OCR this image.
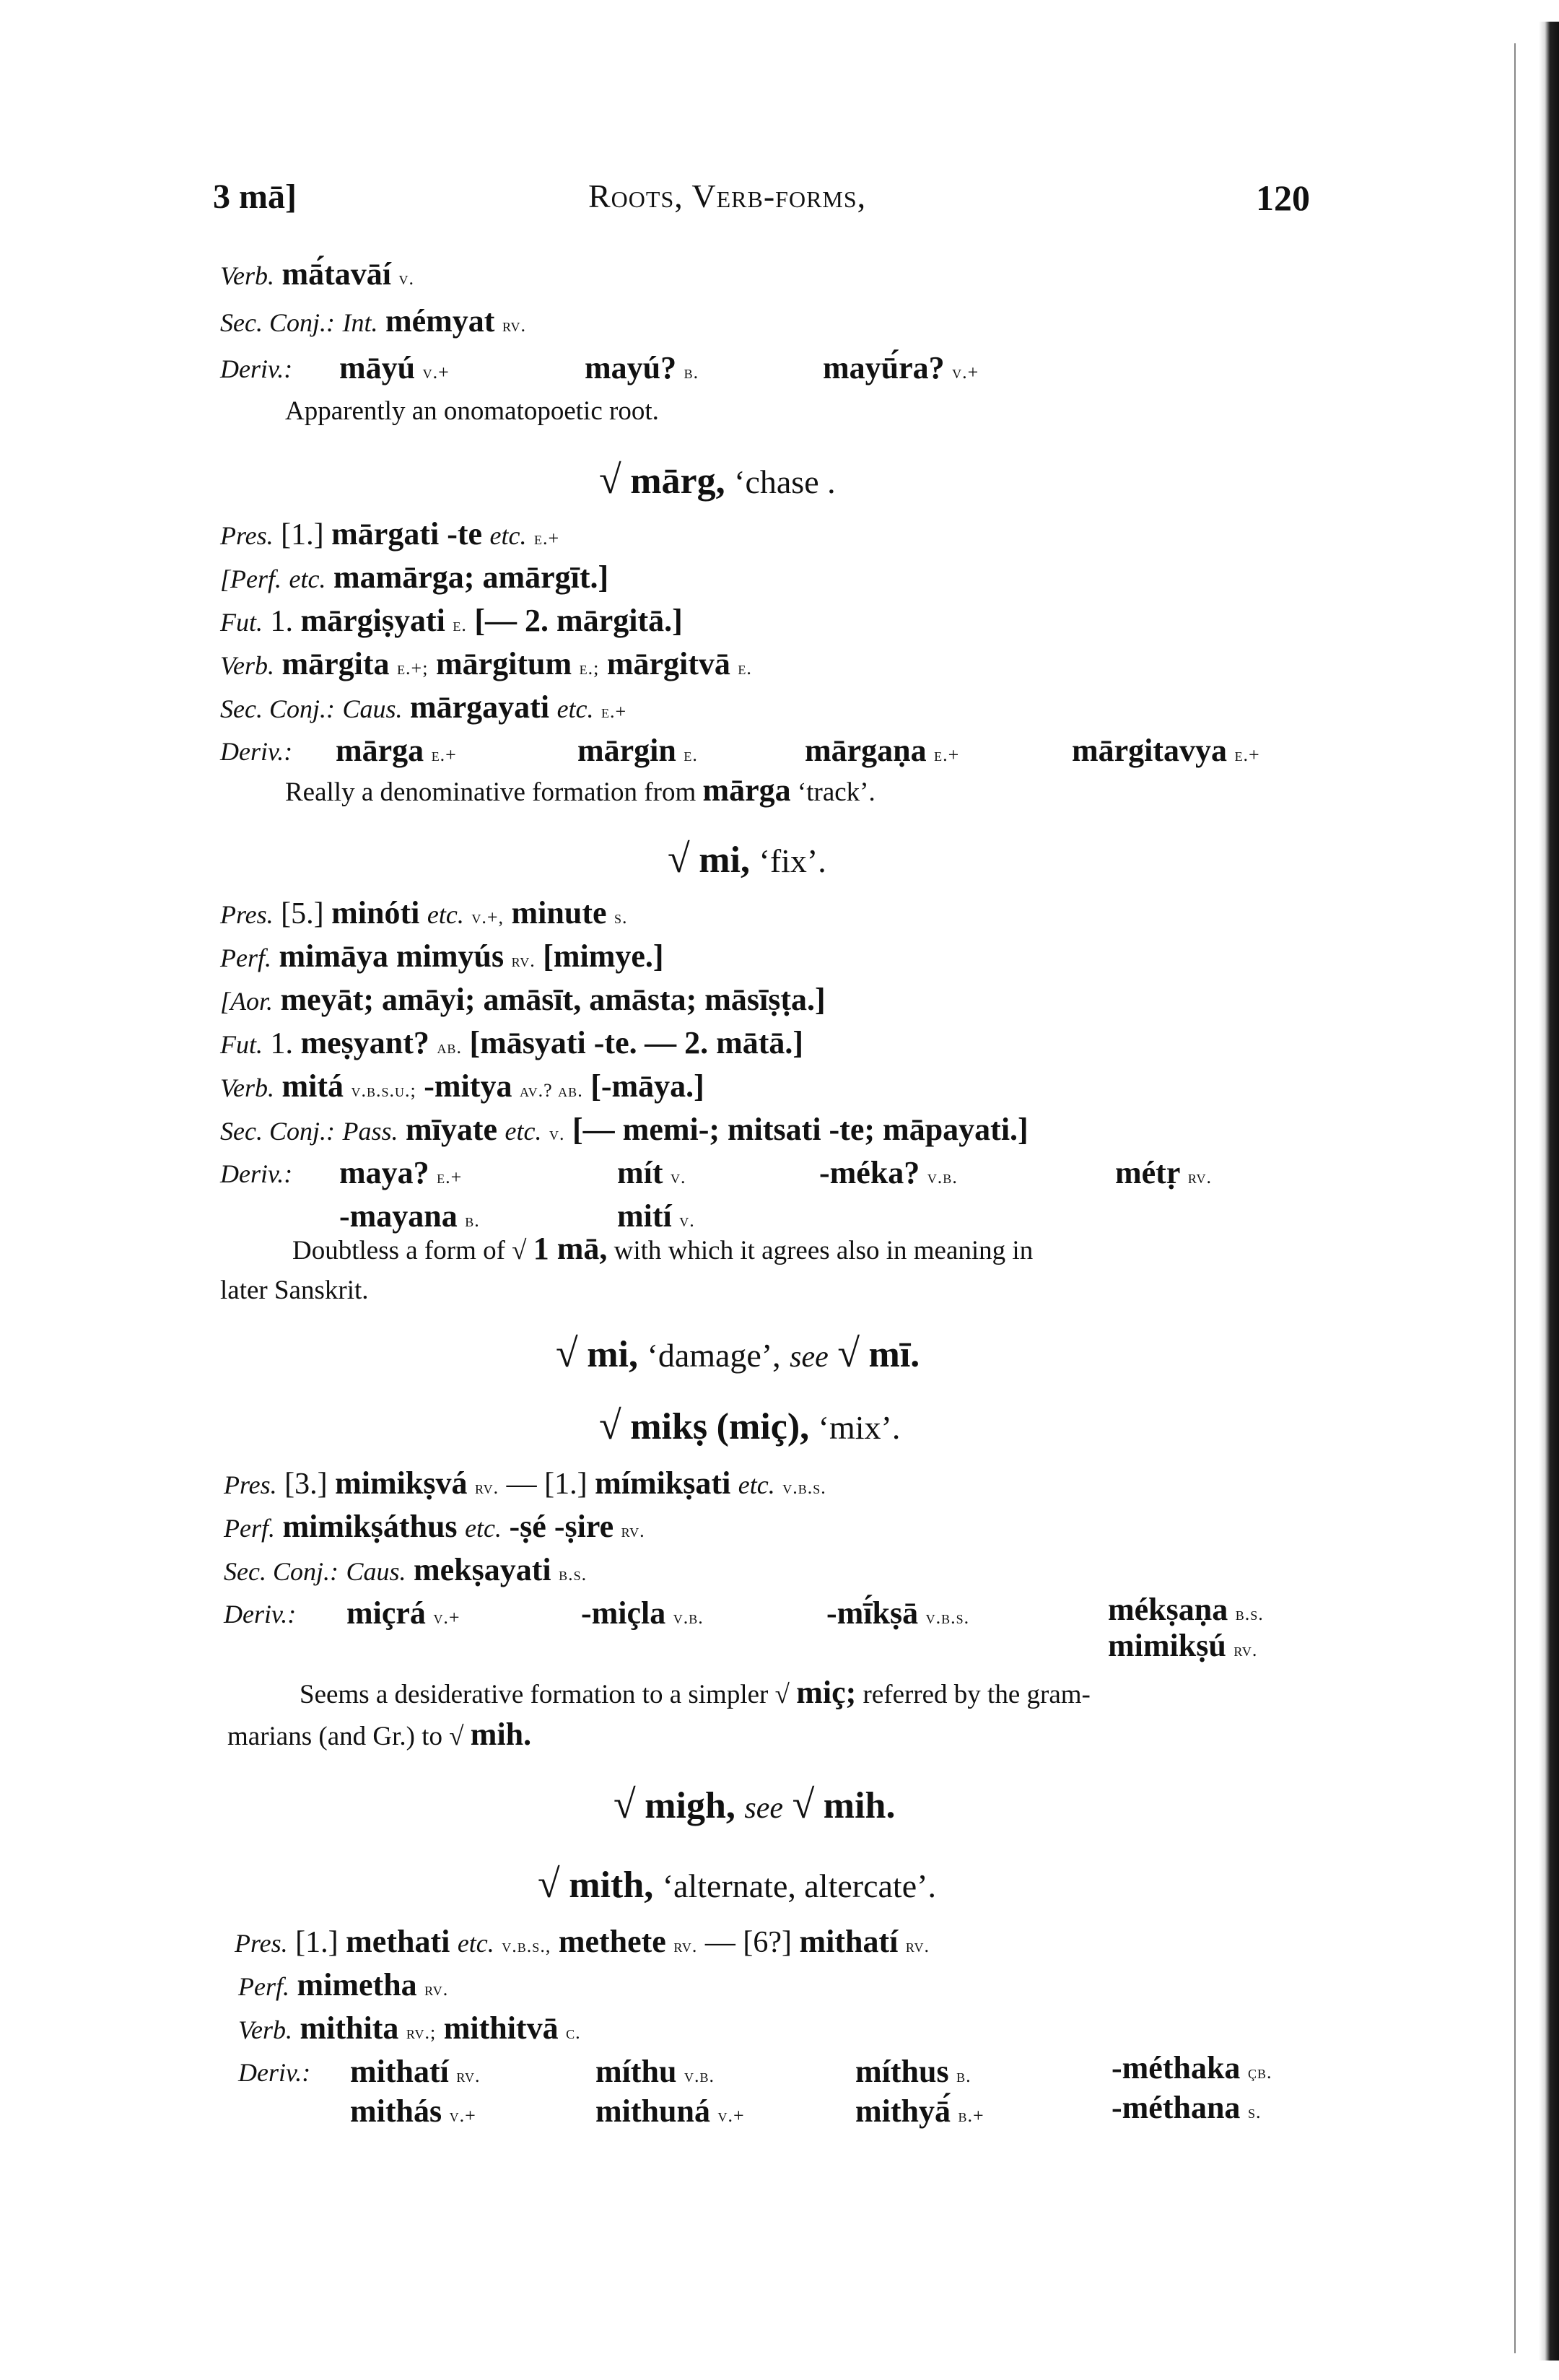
3 mā]	Roots, Verb-forms,	120
Verb. mā́tavāí v.
Sec. Conj.: Int. mémyat rv.
Deriv.: māyú v.+	mayú? b.	mayū́ra? v.+
Apparently an onomatopoetic root.
√ mārg, ‘chase .
Pres. [1.] mārgati -te etc. e.+
[Perf. etc. mamārga; amārgīt.]
Fut. 1. mārgiṣyati e. [— 2. mārgitā.]
Verb. mārgita e.+; mārgitum e.; mārgitvā e.
Sec. Conj.: Caus. mārgayati etc. e.+
Deriv.: mārga e.+	mārgin e.	mārgaṇa e.+	mārgitavya e.+
Really a denominative formation from mārga ‘track’.
√ mi, ‘fix’.
Pres. [5.] minóti etc. v.+, minute s.
Perf. mimāya mimyús rv. [mimye.]
[Aor. meyāt; amāyi; amāsīt, amāsta; māsīṣṭa.]
Fut. 1. meṣyant? ab. [māsyati -te. — 2. mātā.]
Verb. mitá v.b.s.u.; -mitya av.? ab. [-māya.]
Sec. Conj.: Pass. mīyate etc. v. [— memi-; mitsati -te; māpayati.]
Deriv.: maya? e.+	mít v.	-méka? v.b.	métṛ rv.
-mayana b.	mití v.
Doubtless a form of √ 1 mā, with which it agrees also in meaning in
later Sanskrit.
√ mi, ‘damage’, see √ mī.
√ mikṣ (miç), ‘mix’.
Pres. [3.] mimikṣvá rv. — [1.] mímikṣati etc. v.b.s.
Perf. mimikṣáthus etc. -ṣé -ṣire rv.
Sec. Conj.: Caus. mekṣayati b.s.
Deriv.: miçrá v.+	-miçla v.b.	-mī́kṣā v.b.s.	mékṣaṇa b.s.
mimikṣú rv.
Seems a desiderative formation to a simpler √ miç; referred by the gram-
marians (and Gr.) to √ mih.
√ migh, see √ mih.
√ mith, ‘alternate, altercate’.
Pres. [1.] methati etc. v.b.s., methete rv. — [6?] mithatí rv.
Perf. mimetha rv.
Verb. mithita rv.; mithitvā c.
Deriv.: mithatí rv.	míthu v.b.	míthus b.	-méthaka çb.
mithás v.+	mithuná v.+	mithyā́ b.+	-méthana s.
